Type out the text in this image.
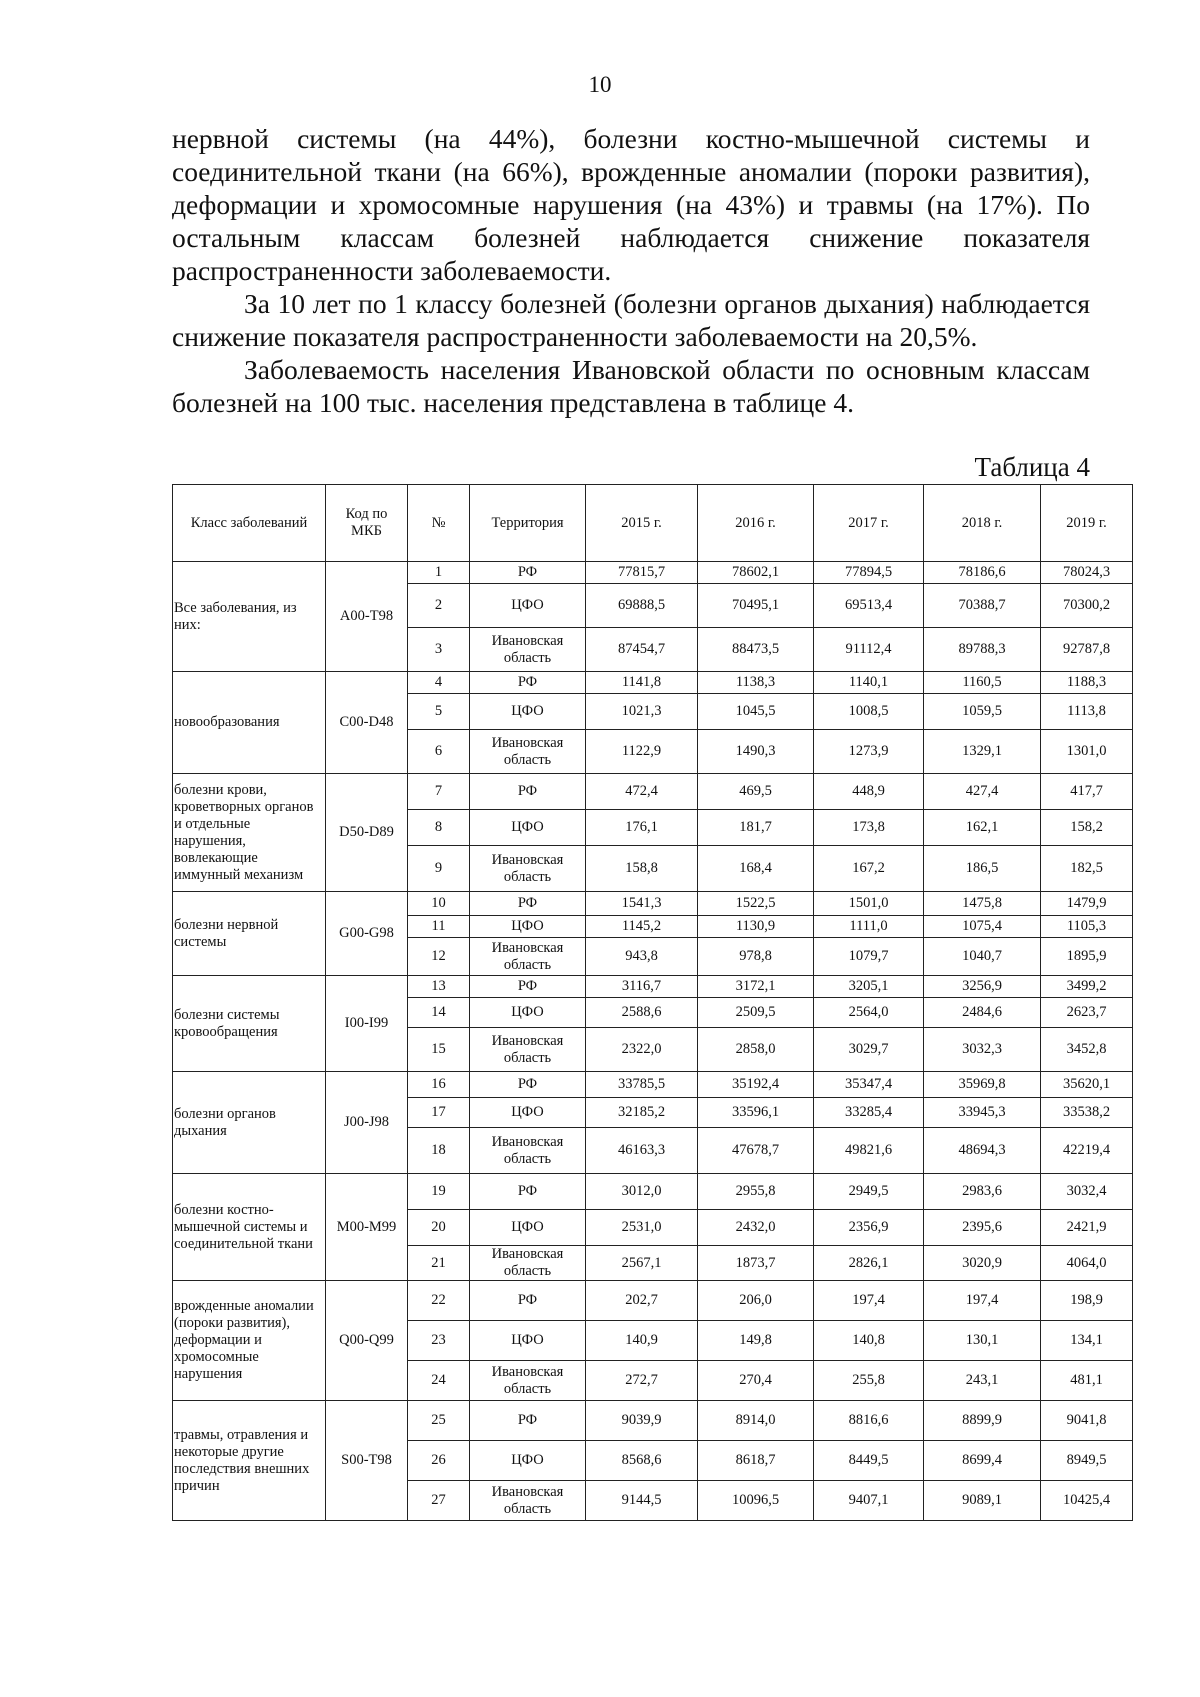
10

нервной системы (на 44%), болезни костно-мышечной системы и соединительной ткани (на 66%), врожденные аномалии (пороки развития), деформации и хромосомные нарушения (на 43%) и травмы (на 17%). По остальным классам болезней наблюдается снижение показателя распространенности заболеваемости.

За 10 лет по 1 классу болезней (болезни органов дыхания) наблюдается снижение показателя распространенности заболеваемости на 20,5%.

Заболеваемость населения Ивановской области по основным классам болезней на 100 тыс. населения представлена в таблице 4.

Таблица 4
Класс заболеваний	Код по МКБ	№	Территория	2015 г.	2016 г.	2017 г.	2018 г.	2019 г.
Все заболевания, из них:	A00-T98	1	РФ	77815,7	78602,1	77894,5	78186,6	78024,3
		2	ЦФО	69888,5	70495,1	69513,4	70388,7	70300,2
		3	Ивановская область	87454,7	88473,5	91112,4	89788,3	92787,8
новообразования	C00-D48	4	РФ	1141,8	1138,3	1140,1	1160,5	1188,3
		5	ЦФО	1021,3	1045,5	1008,5	1059,5	1113,8
		6	Ивановская область	1122,9	1490,3	1273,9	1329,1	1301,0
болезни крови, кроветворных органов и отдельные нарушения, вовлекающие иммунный механизм	D50-D89	7	РФ	472,4	469,5	448,9	427,4	417,7
		8	ЦФО	176,1	181,7	173,8	162,1	158,2
		9	Ивановская область	158,8	168,4	167,2	186,5	182,5
болезни нервной системы	G00-G98	10	РФ	1541,3	1522,5	1501,0	1475,8	1479,9
		11	ЦФО	1145,2	1130,9	1111,0	1075,4	1105,3
		12	Ивановская область	943,8	978,8	1079,7	1040,7	1895,9
болезни системы кровообращения	I00-I99	13	РФ	3116,7	3172,1	3205,1	3256,9	3499,2
		14	ЦФО	2588,6	2509,5	2564,0	2484,6	2623,7
		15	Ивановская область	2322,0	2858,0	3029,7	3032,3	3452,8
болезни органов дыхания	J00-J98	16	РФ	33785,5	35192,4	35347,4	35969,8	35620,1
		17	ЦФО	32185,2	33596,1	33285,4	33945,3	33538,2
		18	Ивановская область	46163,3	47678,7	49821,6	48694,3	42219,4
болезни костно-мышечной системы и соединительной ткани	M00-M99	19	РФ	3012,0	2955,8	2949,5	2983,6	3032,4
		20	ЦФО	2531,0	2432,0	2356,9	2395,6	2421,9
		21	Ивановская область	2567,1	1873,7	2826,1	3020,9	4064,0
врожденные аномалии (пороки развития), деформации и хромосомные нарушения	Q00-Q99	22	РФ	202,7	206,0	197,4	197,4	198,9
		23	ЦФО	140,9	149,8	140,8	130,1	134,1
		24	Ивановская область	272,7	270,4	255,8	243,1	481,1
травмы, отравления и некоторые другие последствия внешних причин	S00-T98	25	РФ	9039,9	8914,0	8816,6	8899,9	9041,8
		26	ЦФО	8568,6	8618,7	8449,5	8699,4	8949,5
		27	Ивановская область	9144,5	10096,5	9407,1	9089,1	10425,4
